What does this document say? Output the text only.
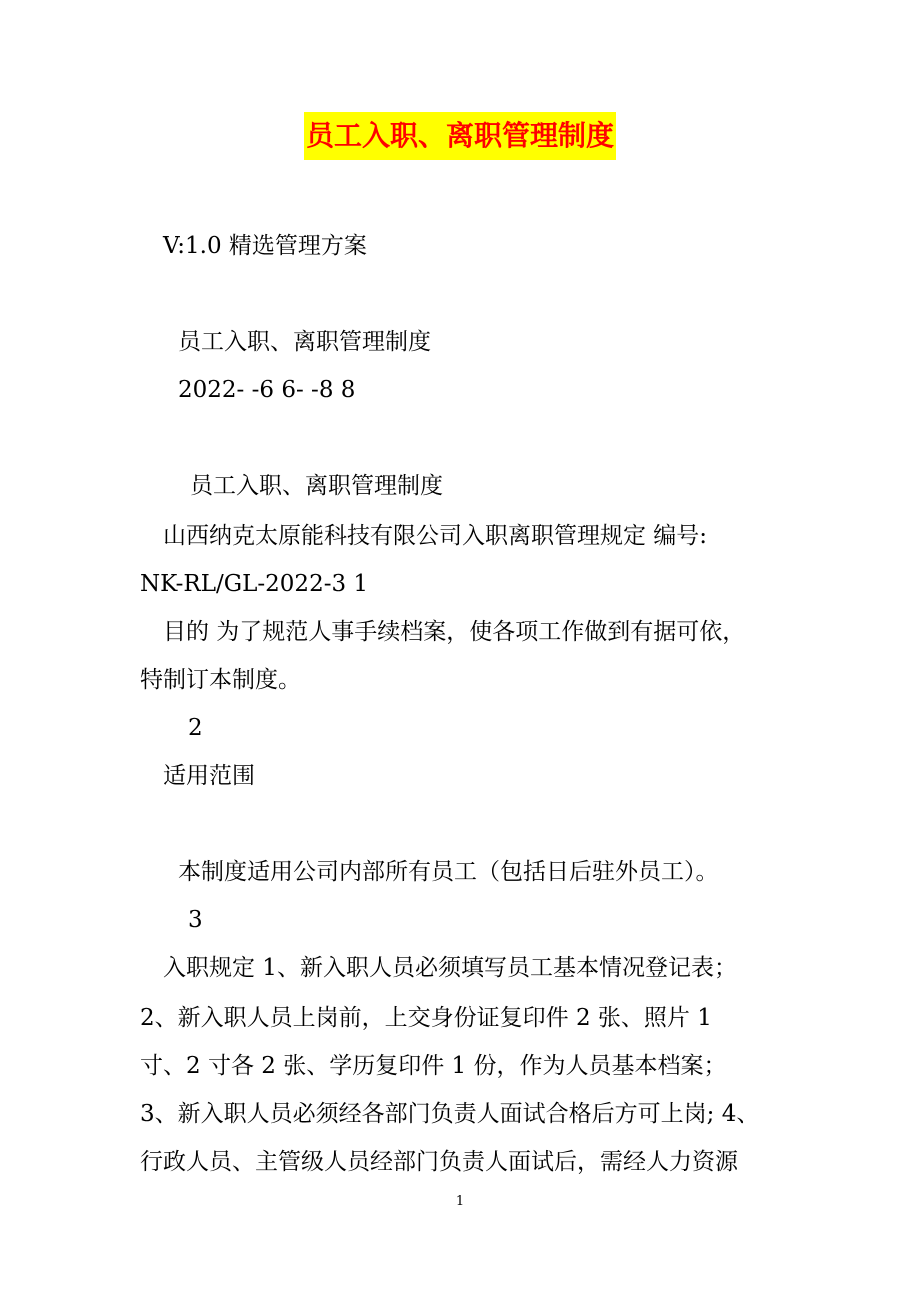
员工入职、离职管理制度
V:1.0 精选管理方案
员工入职、离职管理制度
2022- -6 6- -8 8
员工入职、离职管理制度
山西纳克太原能科技有限公司入职离职管理规定 编号:
NK-RL/GL-2022-3 1
目的 为了规范人事手续档案，使各项工作做到有据可依，
特制订本制度。
2
适用范围
本制度适用公司内部所有员工（包括日后驻外员工）。
3
入职规定 1、新入职人员必须填写员工基本情况登记表；
2、新入职人员上岗前，上交身份证复印件 2 张、照片 1
寸、2 寸各 2 张、学历复印件 1 份，作为人员基本档案；
3、新入职人员必须经各部门负责人面试合格后方可上岗; 4、
行政人员、主管级人员经部门负责人面试后，需经人力资源
1
